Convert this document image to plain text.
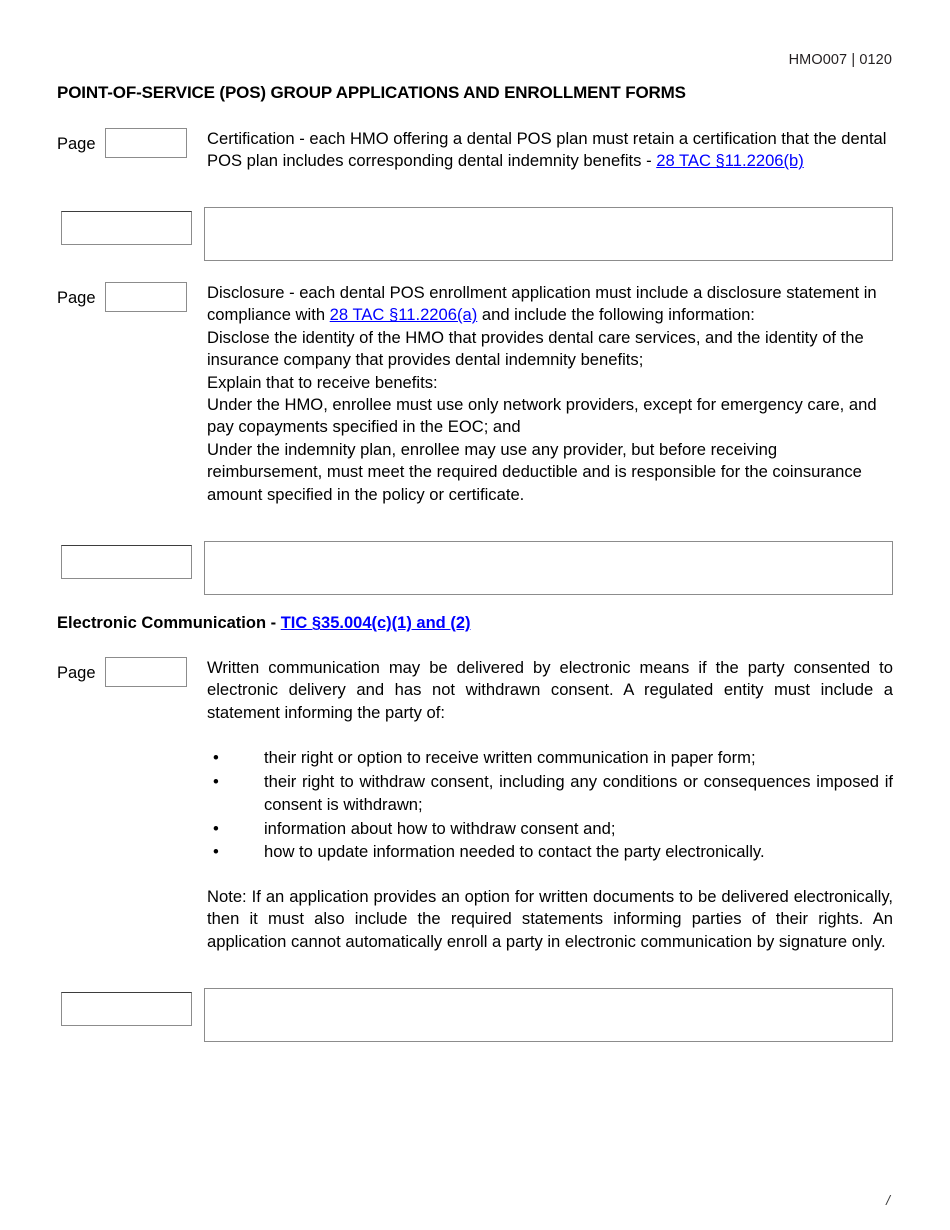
HMO007 | 0120
POINT-OF-SERVICE (POS) GROUP APPLICATIONS AND ENROLLMENT FORMS
Page	Certification - each HMO offering a dental POS plan must retain a certification that the dental POS plan includes corresponding dental indemnity benefits - 28 TAC §11.2206(b)
Page	Disclosure - each dental POS enrollment application must include a disclosure statement in compliance with 28 TAC §11.2206(a) and include the following information:
Disclose the identity of the HMO that provides dental care services, and the identity of the insurance company that provides dental indemnity benefits;
Explain that to receive benefits:
Under the HMO, enrollee must use only network providers, except for emergency care, and pay copayments specified in the EOC; and
Under the indemnity plan, enrollee may use any provider, but before receiving reimbursement, must meet the required deductible and is responsible for the coinsurance amount specified in the policy or certificate.
Electronic Communication - TIC §35.004(c)(1) and (2)
Page	Written communication may be delivered by electronic means if the party consented to electronic delivery and has not withdrawn consent. A regulated entity must include a statement informing the party of:
•	their right or option to receive written communication in paper form;
•	their right to withdraw consent, including any conditions or consequences imposed if consent is withdrawn;
•	information about how to withdraw consent and;
•	how to update information needed to contact the party electronically.
Note: If an application provides an option for written documents to be delivered electronically, then it must also include the required statements informing parties of their rights. An application cannot automatically enroll a party in electronic communication by signature only.
/
